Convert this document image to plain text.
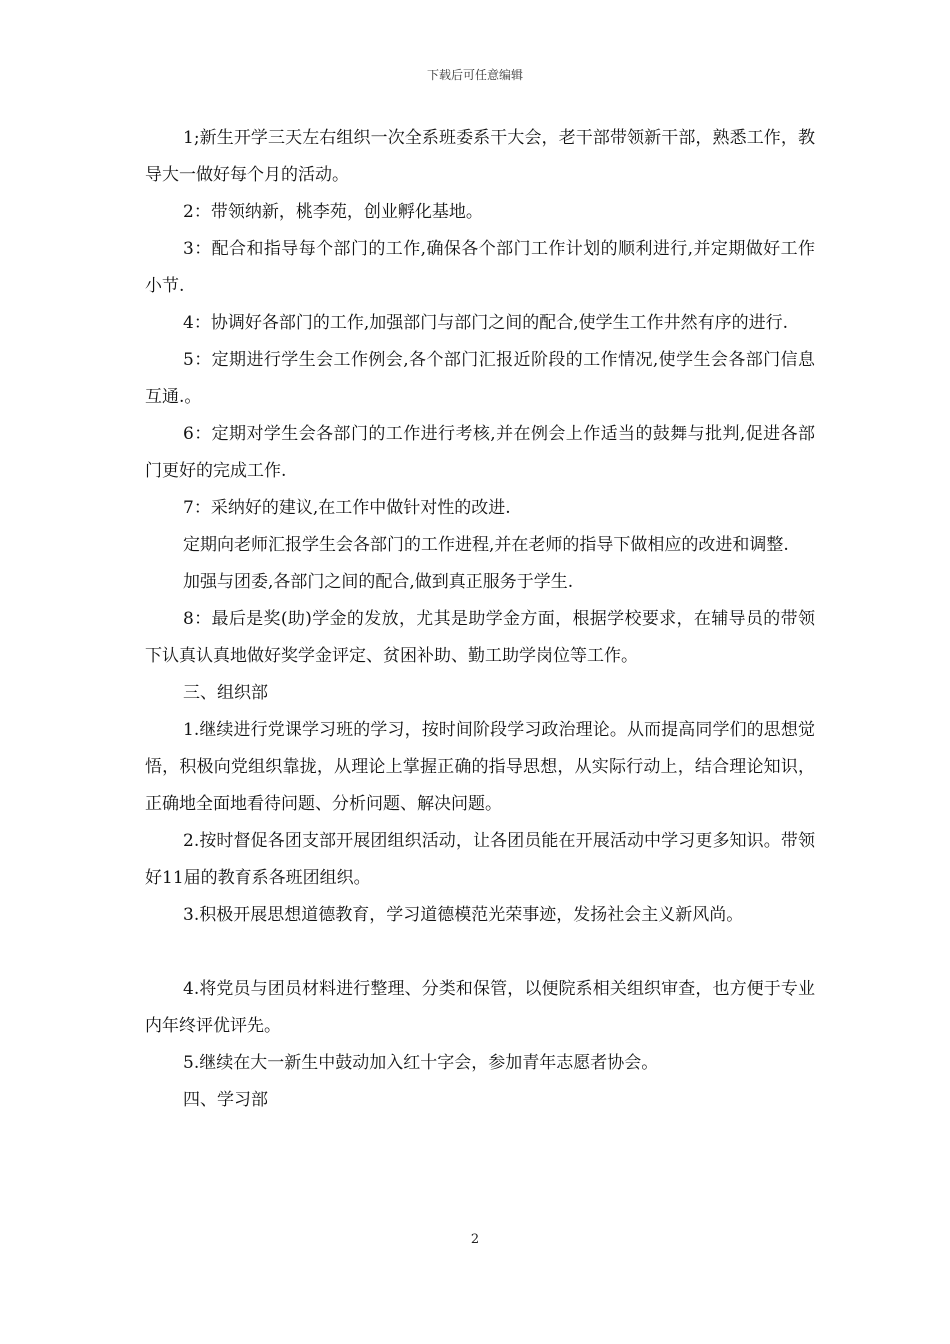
下载后可任意编辑

1;新生开学三天左右组织一次全系班委系干大会，老干部带领新干部，熟悉工作，教导大一做好每个月的活动。

2：带领纳新，桃李苑，创业孵化基地。

3：配合和指导每个部门的工作,确保各个部门工作计划的顺利进行,并定期做好工作小节.

4：协调好各部门的工作,加强部门与部门之间的配合,使学生工作井然有序的进行.

5：定期进行学生会工作例会,各个部门汇报近阶段的工作情况,使学生会各部门信息互通.。

6：定期对学生会各部门的工作进行考核,并在例会上作适当的鼓舞与批判,促进各部门更好的完成工作.

7：采纳好的建议,在工作中做针对性的改进.

定期向老师汇报学生会各部门的工作进程,并在老师的指导下做相应的改进和调整.

加强与团委,各部门之间的配合,做到真正服务于学生.

8：最后是奖(助)学金的发放，尤其是助学金方面，根据学校要求，在辅导员的带领下认真认真地做好奖学金评定、贫困补助、勤工助学岗位等工作。

三、组织部

1.继续进行党课学习班的学习，按时间阶段学习政治理论。从而提高同学们的思想觉悟，积极向党组织靠拢，从理论上掌握正确的指导思想，从实际行动上，结合理论知识，正确地全面地看待问题、分析问题、解决问题。

2.按时督促各团支部开展团组织活动，让各团员能在开展活动中学习更多知识。带领好11届的教育系各班团组织。

3.积极开展思想道德教育，学习道德模范光荣事迹，发扬社会主义新风尚。

4.将党员与团员材料进行整理、分类和保管，以便院系相关组织审查，也方便于专业内年终评优评先。

5.继续在大一新生中鼓动加入红十字会，参加青年志愿者协会。

四、学习部

2
